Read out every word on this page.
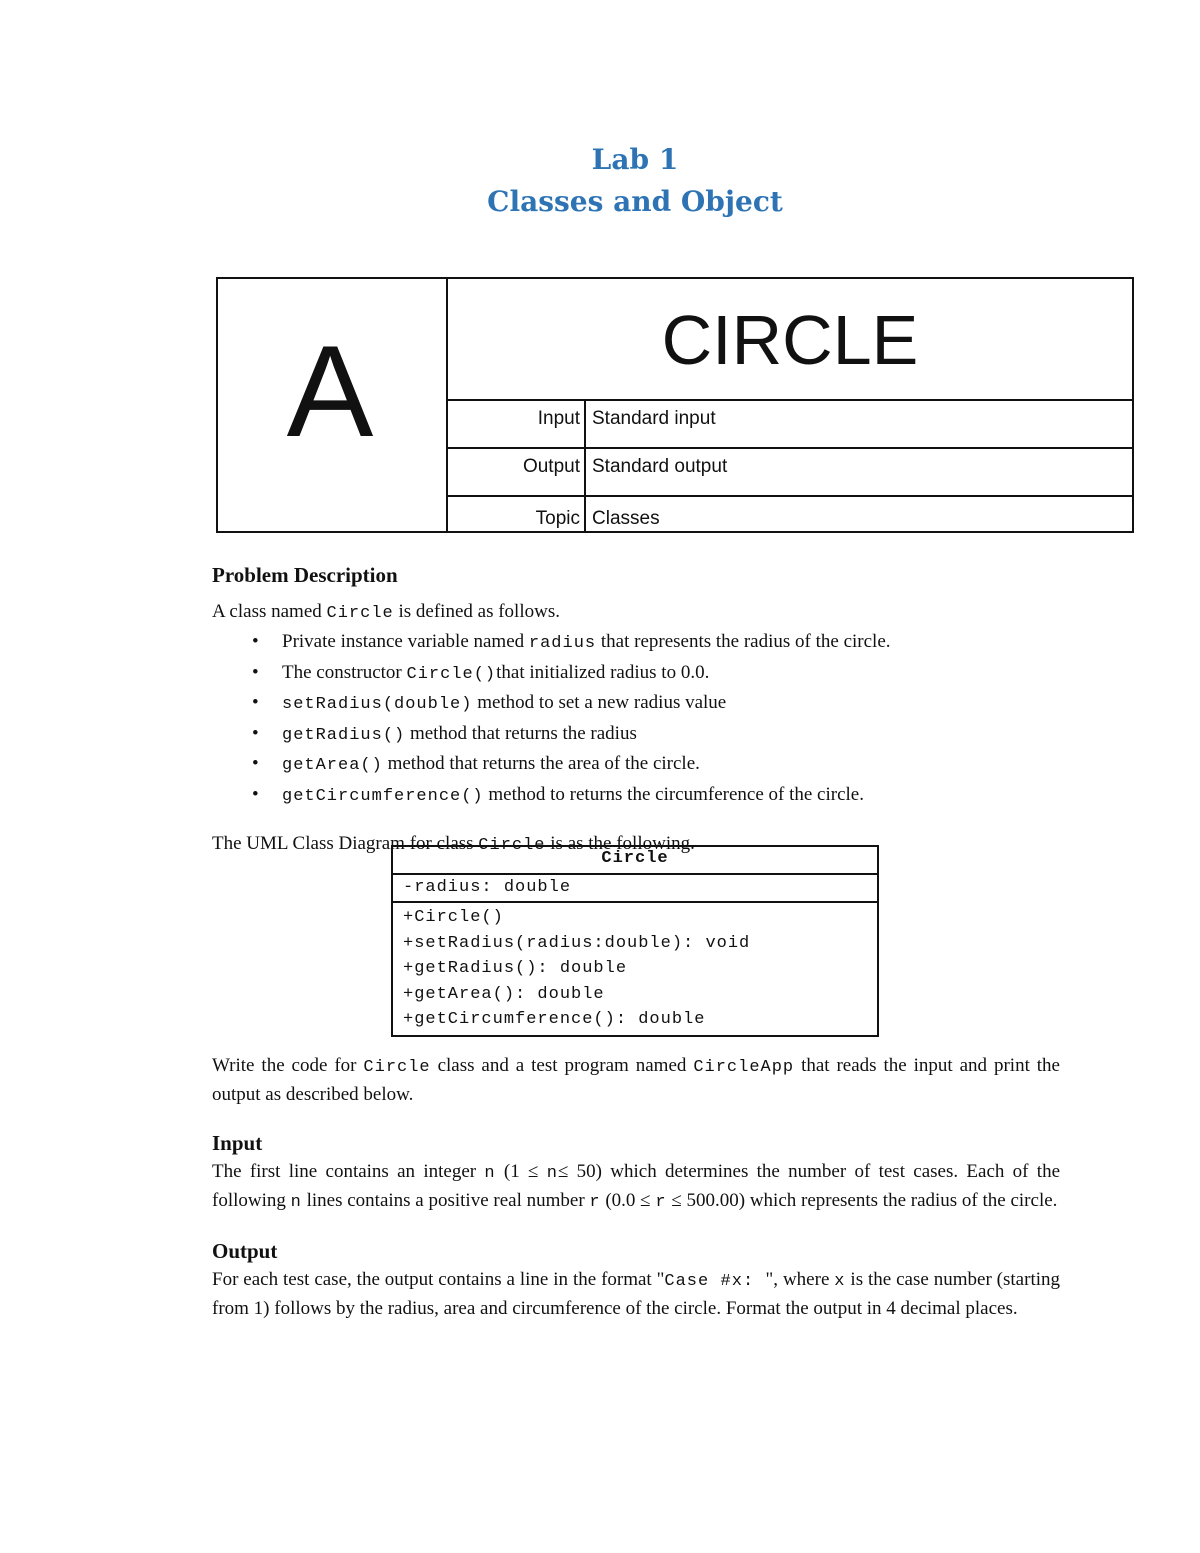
Lab 1
Classes and Object
CIRCLE
Input Standard input
Output Standard output
Topic Classes
A
Problem Description

A class named Circle is defined as follows.

• Private instance variable named radius that represents the radius of the circle.
• The constructor Circle()that initialized radius to 0.0.
• setRadius(double) method to set a new radius value
• getRadius() method that returns the radius
• getArea() method that returns the area of the circle.
• getCircumference() method to returns the circumference of the circle.

The UML Class Diagram for class Circle is as the following.

Circle
-radius: double
+Circle()
+setRadius(radius:double): void
+getRadius(): double
+getArea(): double
+getCircumference(): double

Write the code for Circle class and a test program named CircleApp that reads the input and print the output as described below.

Input

The first line contains an integer n (1 ≤ n≤ 50) which determines the number of test cases. Each of the following n lines contains a positive real number r (0.0 ≤ r ≤ 500.00) which represents the radius of the circle.

Output

For each test case, the output contains a line in the format "Case #x: ", where x is the case number (starting from 1) follows by the radius, area and circumference of the circle. Format the output in 4 decimal places.
